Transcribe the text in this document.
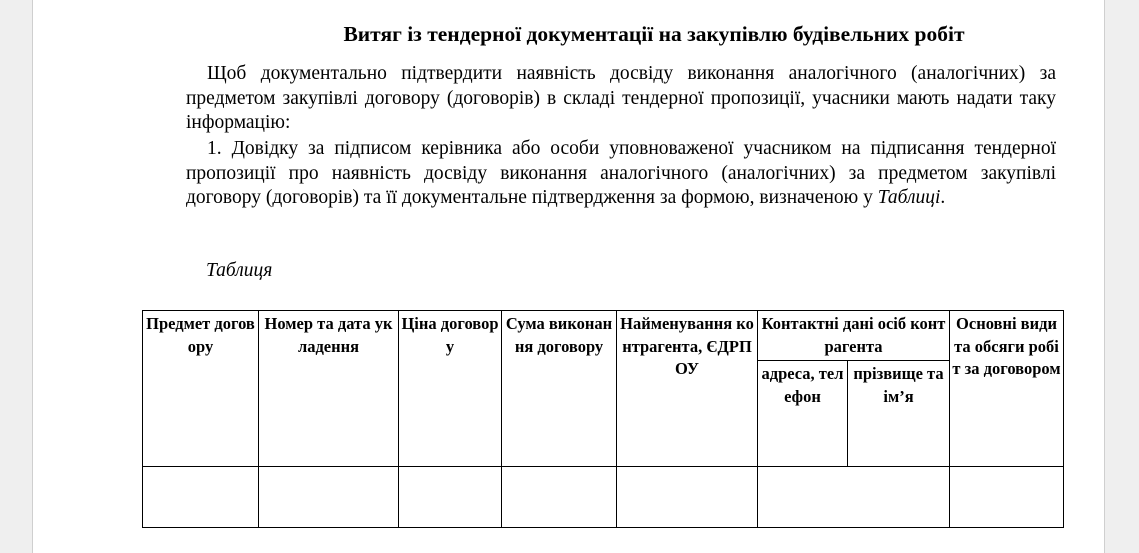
Витяг із тендерної документації на закупівлю будівельних робіт

Щоб документально підтвердити наявність досвіду виконання аналогічного (аналогічних) за предметом закупівлі договору (договорів) в складі тендерної пропозиції, учасники мають надати таку інформацію:

1. Довідку за підписом керівника або особи уповноваженої учасником на підписання тендерної пропозиції про наявність досвіду виконання аналогічного (аналогічних) за предметом закупівлі договору (договорів) та її документальне підтвердження за формою, визначеною у Таблиці.

Таблиця

Предмет договору	Номер та дата укладення	Ціна договору	Сума виконання договору	Найменування контрагента, ЄДРПОУ	Контактні дані осіб контрагента		Основні види та обсяги робіт за договором
					адреса, телефон	прізвище та ім’я	
